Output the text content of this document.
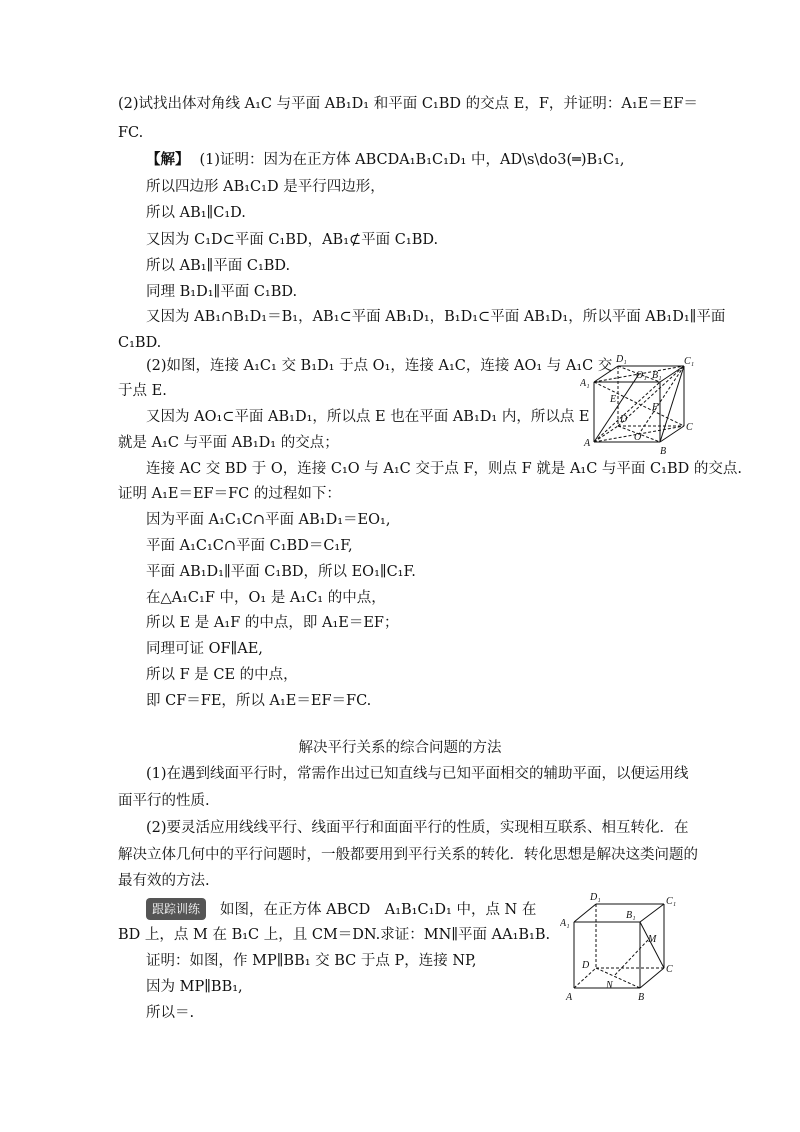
(2)试找出体对角线 A₁C 与平面 AB₁D₁ 和平面 C₁BD 的交点 E，F，并证明：A₁E＝EF＝
FC.
【解】 (1)证明：因为在正方体 ABCDA₁B₁C₁D₁ 中，AD\s\do3(═)B₁C₁,
所以四边形 AB₁C₁D 是平行四边形，
所以 AB₁∥C₁D.
又因为 C₁D⊂平面 C₁BD，AB₁⊄平面 C₁BD.
所以 AB₁∥平面 C₁BD.
同理 B₁D₁∥平面 C₁BD.
又因为 AB₁∩B₁D₁＝B₁，AB₁⊂平面 AB₁D₁，B₁D₁⊂平面 AB₁D₁，所以平面 AB₁D₁∥平面
C₁BD.
(2)如图，连接 A₁C₁ 交 B₁D₁ 于点 O₁，连接 A₁C，连接 AO₁ 与 A₁C 交
于点 E.
又因为 AO₁⊂平面 AB₁D₁，所以点 E 也在平面 AB₁D₁ 内，所以点 E
就是 A₁C 与平面 AB₁D₁ 的交点；
连接 AC 交 BD 于 O，连接 C₁O 与 A₁C 交于点 F，则点 F 就是 A₁C 与平面 C₁BD 的交点.
证明 A₁E＝EF＝FC 的过程如下：
因为平面 A₁C₁C∩平面 AB₁D₁＝EO₁,
平面 A₁C₁C∩平面 C₁BD＝C₁F,
平面 AB₁D₁∥平面 C₁BD，所以 EO₁∥C₁F.
在△A₁C₁F 中，O₁ 是 A₁C₁ 的中点，
所以 E 是 A₁F 的中点，即 A₁E＝EF；
同理可证 OF∥AE,
所以 F 是 CE 的中点，
即 CF＝FE，所以 A₁E＝EF＝FC.
D₁	C₁
A₁
B₁
O₁
E
F
D
O
C
A
B
解决平行关系的综合问题的方法
(1)在遇到线面平行时，常需作出过已知直线与已知平面相交的辅助平面，以便运用线
面平行的性质.
(2)要灵活应用线线平行、线面平行和面面平行的性质，实现相互联系、相互转化．在
解决立体几何中的平行问题时，一般都要用到平行关系的转化．转化思想是解决这类问题的
最有效的方法.
跟踪训练 如图，在正方体 ABCD　A₁B₁C₁D₁ 中，点 N 在
BD 上，点 M 在 B₁C 上，且 CM＝DN.求证：MN∥平面 AA₁B₁B.
证明：如图，作 MP∥BB₁ 交 BC 于点 P，连接 NP,
因为 MP∥BB₁,
所以＝.
D₁	C₁
A₁
B₁
M
D	C
N
A	B
